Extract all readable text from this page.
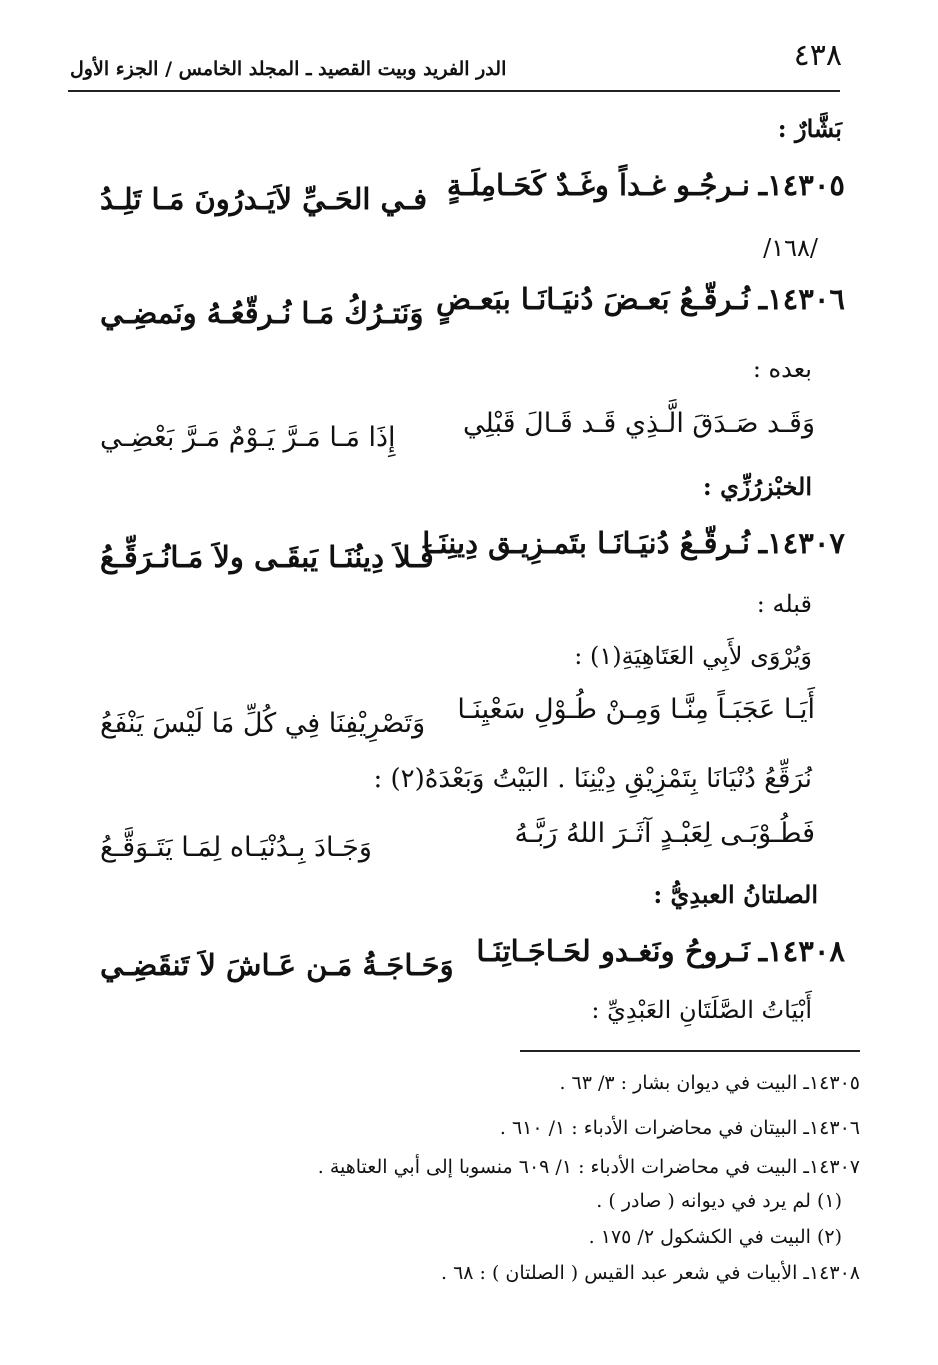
٤٣٨
الدر الفريد وبيت القصيد ـ المجلد الخامس / الجزء الأول
بَشَّارٌ :
١٤٣٠٥ـ
نـرجُـو غـداً وغَـدٌ كَحَـامِلَـةٍ
فـي الحَـيِّ لاَيَـدرُونَ مَـا تَلِـدُ
/١٦٨/
١٤٣٠٦ـ
نُـرقّـعُ بَعـضَ دُنيَـانَـا ببَعـضٍ
وَنَتـرُكُ مَـا نُـرقّعُـهُ ونَمضِـي
بعده :
وَقَـد صَـدَقَ الَّـذِي قَـد قَـالَ قَبْلِي
إِذَا مَـا مَـرَّ يَـوْمٌ مَـرَّ بَعْضِـي
الخبْزرُزِّي :
١٤٣٠٧ـ
نُـرقّـعُ دُنيَـانَـا بتَمـزِيـق دِينِنَـا
فَـلاَ دِينُنَـا يَبقَـى ولاَ مَـانُـرَقِّـعُ
قبله :
وَيُرْوَى لأَبِي العَتَاهِيَةِ(١) :
أَيَـا عَجَبَـاً مِنَّـا وَمِـنْ طُـوْلِ سَعْيِنَـا
وَتَصْرِيْفِنَا فِي كُلِّ مَا لَيْسَ يَنْفَعُ
نُرَقِّعُ دُنْيَانَا بِتَمْزِيْقِ دِيْنِنَا . البَيْتُ وَبَعْدَهُ(٢) :
فَطُـوْبَـى لِعَبْـدٍ آثَـرَ اللهُ رَبَّـهُ
وَجَـادَ بِـدُنْيَـاه لِمَـا يَتَـوَقَّـعُ
الصلتانُ العبدِيُّ :
١٤٣٠٨ـ
نَـروحُ ونَغـدو لحَـاجَـاتِنَـا
وَحَـاجَـةُ مَـن عَـاشَ لاَ تَنقَضِـي
أَبْيَاتُ الصَّلَتَانِ العَبْدِيِّ :
١٤٣٠٥ـ البيت في ديوان بشار : ٣/ ٦٣ .
١٤٣٠٦ـ البيتان في محاضرات الأدباء : ١/ ٦١٠ .
١٤٣٠٧ـ البيت في محاضرات الأدباء : ١/ ٦٠٩ منسوبا إلى أبي العتاهية .
(١) لم يرد في ديوانه ( صادر ) .
(٢) البيت في الكشكول ٢/ ١٧٥ .
١٤٣٠٨ـ الأبيات في شعر عبد القيس ( الصلتان ) : ٦٨ .
